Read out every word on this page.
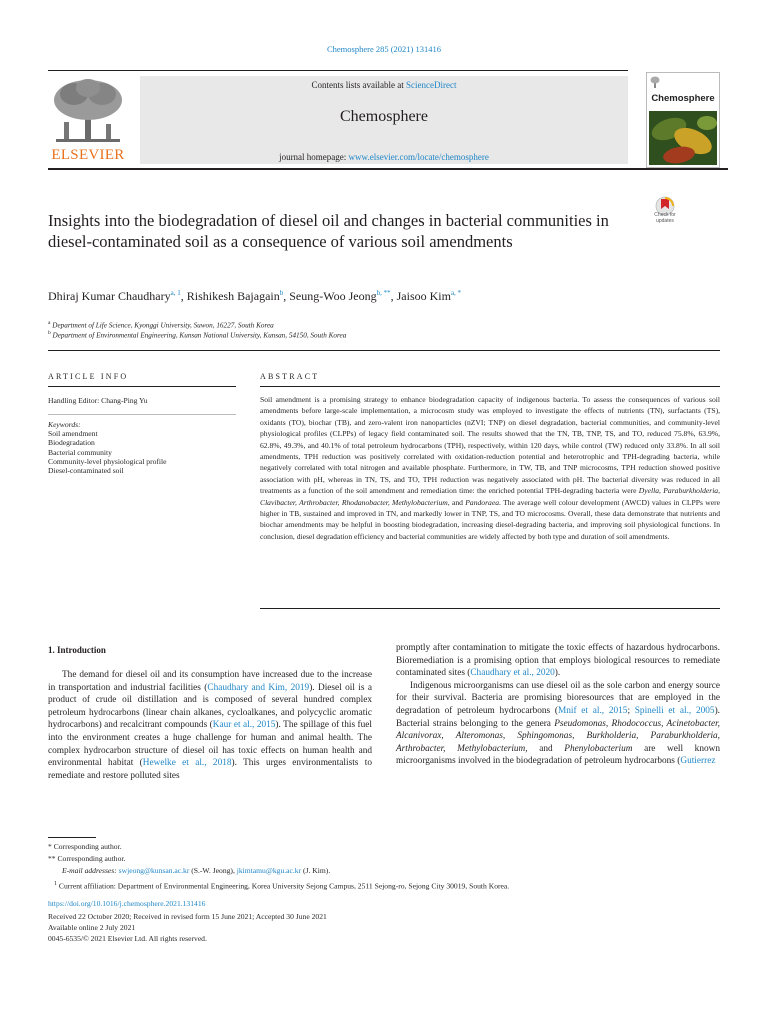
Chemosphere 285 (2021) 131416
ELSEVIER
Contents lists available at ScienceDirect
Chemosphere
journal homepage: www.elsevier.com/locate/chemosphere
Chemosphere
Check for updates
Insights into the biodegradation of diesel oil and changes in bacterial communities in diesel-contaminated soil as a consequence of various soil amendments
Dhiraj Kumar Chaudhary$^{a, 1}$, Rishikesh Bajagain$^b$, Seung-Woo Jeong$^{b, **}$, Jaisoo Kim$^{a, *}$
$^a$ Department of Life Science, Kyonggi University, Suwon, 16227, South Korea
$^b$ Department of Environmental Engineering, Kunsan National University, Kunsan, 54150, South Korea
ARTICLE INFO
Handling Editor: Chang-Ping Yu
Keywords:
Soil amendment
Biodegradation
Bacterial community
Community-level physiological profile
Diesel-contaminated soil
ABSTRACT
Soil amendment is a promising strategy to enhance biodegradation capacity of indigenous bacteria. To assess the consequences of various soil amendments before large-scale implementation, a microcosm study was employed to investigate the effects of nutrients (TN), surfactants (TS), oxidants (TO), biochar (TB), and zero-valent iron nanoparticles (nZVI; TNP) on diesel degradation, bacterial communities, and community-level physiological profiles (CLPPs) of legacy field contaminated soil. The results showed that the TN, TB, TNP, TS, and TO, reduced 75.8%, 63.9%, 62.8%, 49.3%, and 40.1% of total petroleum hydrocarbons (TPH), respectively, within 120 days, while control (TW) reduced only 33.8%. In all soil amendments, TPH reduction was positively correlated with oxidation-reduction potential and heterotrophic and TPH-degrading bacteria, while negatively correlated with total nitrogen and available phosphate. Furthermore, in TW, TB, and TNP microcosms, TPH reduction showed positive association with pH, whereas in TN, TS, and TO, TPH reduction was negatively associated with pH. The bacterial diversity was reduced in all treatments as a function of the soil amendment and remediation time: the enriched potential TPH-degrading bacteria were Dyella, Paraburkholderia, Clavibacter, Arthrobacter, Rhodanobacter, Methylobacterium, and Pandoraea. The average well colour development (AWCD) values in CLPPs were higher in TB, sustained and improved in TN, and markedly lower in TNP, TS, and TO microcosms. Overall, these data demonstrate that nutrients and biochar amendments may be helpful in boosting biodegradation, increasing diesel-degrading bacteria, and improving soil physiological functions. In conclusion, diesel degradation efficiency and bacterial communities are widely affected by both type and duration of soil amendments.
1. Introduction

The demand for diesel oil and its consumption have increased due to the increase in transportation and industrial facilities (Chaudhary and Kim, 2019). Diesel oil is a product of crude oil distillation and is composed of several hundred complex petroleum hydrocarbons (linear chain alkanes, cycloalkanes, and polycyclic aromatic hydrocarbons) and recalcitrant compounds (Kaur et al., 2015). The spillage of this fuel into the environment creates a huge challenge for human and animal health. The complex hydrocarbon structure of diesel oil has toxic effects on human health and environmental habitat (Hewelke et al., 2018). This urges environmentalists to remediate and restore polluted sites

promptly after contamination to mitigate the toxic effects of hazardous hydrocarbons. Bioremediation is a promising option that employs biological resources to remediate contaminated sites (Chaudhary et al., 2020).

Indigenous microorganisms can use diesel oil as the sole carbon and energy source for their survival. Bacteria are promising bioresources that are employed in the degradation of petroleum hydrocarbons (Mnif et al., 2015; Spinelli et al., 2005). Bacterial strains belonging to the genera Pseudomonas, Rhodococcus, Acinetobacter, Alcanivorax, Alteromonas, Sphingomonas, Burkholderia, Paraburkholderia, Arthrobacter, Methylobacterium, and Phenylobacterium are well known microorganisms involved in the biodegradation of petroleum hydrocarbons (Gutierrez

* Corresponding author.
** Corresponding author.
E-mail addresses: swjeong@kunsan.ac.kr (S.-W. Jeong), jkimtamu@kgu.ac.kr (J. Kim).
$^1$ Current affiliation: Department of Environmental Engineering, Korea University Sejong Campus, 2511 Sejong-ro, Sejong City 30019, South Korea.
https://doi.org/10.1016/j.chemosphere.2021.131416
Received 22 October 2020; Received in revised form 15 June 2021; Accepted 30 June 2021
Available online 2 July 2021
0045-6535/© 2021 Elsevier Ltd. All rights reserved.
